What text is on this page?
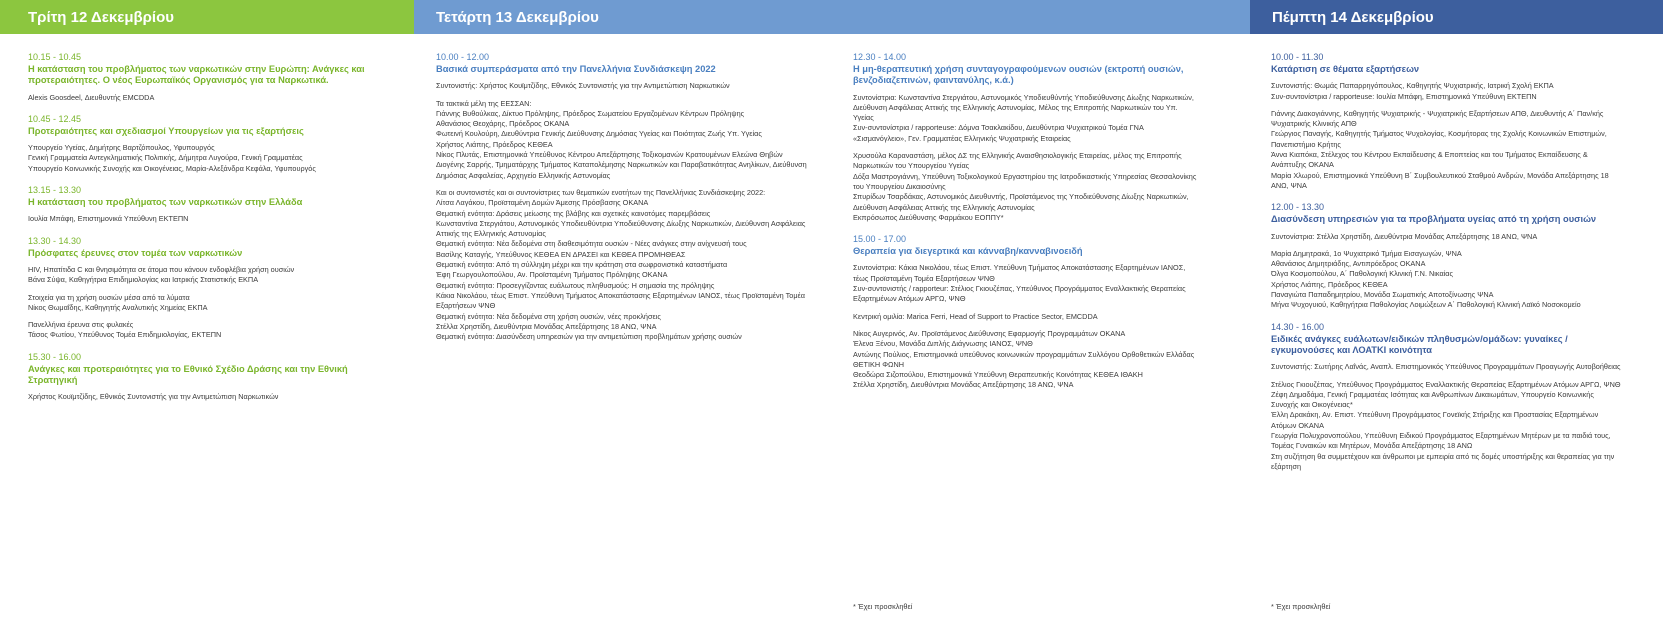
Τρίτη 12 Δεκεμβρίου	Τετάρτη 13 Δεκεμβρίου	Πέμπτη 14 Δεκεμβρίου
10.15 - 10.45
Η κατάσταση του προβλήματος των ναρκωτικών στην Ευρώπη: Ανάγκες και προτεραιότητες. Ο νέος Ευρωπαϊκός Οργανισμός για τα Ναρκωτικά.

Alexis Goosdeel, Διευθυντής EMCDDA

10.45 - 12.45
Προτεραιότητες και σχεδιασμοί Υπουργείων για τις εξαρτήσεις

Υπουργείο Υγείας, Δημήτρης Βαρτζόπουλος, Υφυπουργός

Γενική Γραμματεία Αντεγκληματικής Πολιτικής, Δήμητρα Λυγούρα, Γενική Γραμματέας

Υπουργείο Κοινωνικής Συνοχής και Οικογένειας, Μαρία-Αλεξάνδρα Κεφάλα, Υφυπουργός

13.15 - 13.30
Η κατάσταση του προβλήματος των ναρκωτικών στην Ελλάδα

Ιουλία Μπάφη, Επιστημονικά Υπεύθυνη ΕΚΤΕΠΝ

13.30 - 14.30
Πρόσφατες έρευνες στον τομέα των ναρκωτικών

HIV, Ηπατίτιδα C και θνησιμότητα σε άτομα που κάνουν ενδοφλέβια χρήση ουσιών

Βάνα Σύψα, Καθηγήτρια Επιδημιολογίας και Ιατρικής Στατιστικής ΕΚΠΑ

Στοιχεία για τη χρήση ουσιών μέσα από τα λύματα

Νίκος Θωμαΐδης, Καθηγητής Αναλυτικής Χημείας ΕΚΠΑ

Πανελλήνια έρευνα στις φυλακές

Τάσος Φωτίου, Υπεύθυνος Τομέα Επιδημιολογίας, ΕΚΤΕΠΝ

15.30 - 16.00
Ανάγκες και προτεραιότητες για το Εθνικό Σχέδιο Δράσης και την Εθνική Στρατηγική

Χρήστος Κουϊμτζίδης, Εθνικός Συντονιστής για την Αντιμετώπιση Ναρκωτικών

10.00 - 12.00
Βασικά συμπεράσματα από την Πανελλήνια Συνδιάσκεψη 2022

Συντονιστής: Χρήστος Κουϊμτζίδης, Εθνικός Συντονιστής για την Αντιμετώπιση Ναρκωτικών

Τα τακτικά μέλη της ΕΕΣΣΑΝ:

Γιάννης Βυθούλκας, Δίκτυο Πρόληψης, Πρόεδρος Σωματείου Εργαζομένων Κέντρων Πρόληψης

Αθανάσιος Θεοχάρης, Πρόεδρος ΟΚΑΝΑ

Φωτεινή Κουλούρη, Διευθύντρια Γενικής Διεύθυνσης Δημόσιας Υγείας και Ποιότητας Ζωής Υπ. Υγείας

Χρήστος Λιάπης, Πρόεδρος ΚΕΘΕΑ

Νίκος Πλυτάς, Επιστημονικά Υπεύθυνος Κέντρου Απεξάρτησης Τοξικομανών Κρατουμένων Ελεώνα Θηβών

Διογένης Σαρρής, Τμηματάρχης Τμήματος Καταπολέμησης Ναρκωτικών και Παραβατικότητας Ανηλίκων, Διεύθυνση Δημόσιας Ασφαλείας, Αρχηγείο Ελληνικής Αστυνομίας

Και οι συντονιστές και οι συντονίστριες των θεματικών ενοτήτων της Πανελλήνιας Συνδιάσκεψης 2022:

Λίτσα Λαγάκου, Προϊσταμένη Δομών Άμεσης Πρόσβασης ΟΚΑΝΑ

Θεματική ενότητα: Δράσεις μείωσης της βλάβης και σχετικές καινοτόμες παρεμβάσεις

Κωνσταντίνα Στεργιάτου, Αστυνομικός Υποδιευθύντρια Υποδιεύθυνσης Δίωξης Ναρκωτικών, Διεύθυνση Ασφάλειας Αττικής της Ελληνικής Αστυνομίας

Θεματική ενότητα: Νέα δεδομένα στη διαθεσιμότητα ουσιών - Νέες ανάγκες στην ανίχνευσή τους

Βασίλης Καταγής, Υπεύθυνος ΚΕΘΕΑ ΕΝ ΔΡΑΣΕΙ και ΚΕΘΕΑ ΠΡΟΜΗΘΕΑΣ

Θεματική ενότητα: Από τη σύλληψη μέχρι και την κράτηση στα σωφρονιστικά καταστήματα

Έφη Γεωργουλοπούλου, Αν. Προϊσταμένη Τμήματος Πρόληψης ΟΚΑΝΑ

Θεματική ενότητα: Προσεγγίζοντας ευάλωτους πληθυσμούς: Η σημασία της πρόληψης

Κάκια Νικολάου, τέως Επιστ. Υπεύθυνη Τμήματος Αποκατάστασης Εξαρτημένων ΙΑΝΟΣ, τέως Προϊσταμένη Τομέα Εξαρτήσεων ΨΝΘ

Θεματική ενότητα: Νέα δεδομένα στη χρήση ουσιών, νέες προκλήσεις

Στέλλα Χρηστίδη, Διευθύντρια Μονάδας Απεξάρτησης 18 ΑΝΩ, ΨΝΑ

Θεματική ενότητα: Διασύνδεση υπηρεσιών για την αντιμετώπιση προβλημάτων χρήσης ουσιών

12.30 - 14.00
Η μη-θεραπευτική χρήση συνταγογραφούμενων ουσιών (εκτροπή ουσιών, βενζοδιαζεπινών, φαιντανύλης, κ.ά.)

Συντονίστρια: Κωνσταντίνα Στεργιάτου, Αστυνομικός Υποδιευθύντής Υποδιεύθυνσης Δίωξης Ναρκωτικών, Διεύθυνση Ασφάλειας Αττικής της Ελληνικής Αστυνομίας, Μέλος της Επιτροπής Ναρκωτικών του Υπ. Υγείας

Συν-συντονίστρια / rapporteuse: Δόμνα Τσακλακίδου, Διευθύντρια Ψυχιατρικού Τομέα ΓΝΑ «Σισμανόγλειο», Γεν. Γραμματέας Ελληνικής Ψυχιατρικής Εταιρείας

Χρυσούλα Καραναστάση, μέλος ΔΣ της Ελληνικής Αναισθησιολογικής Εταιρείας, μέλος της Επιτροπής Ναρκωτικών του Υπουργείου Υγείας

Δόξα Μαστρογιάννη, Υπεύθυνη Τοξικολογικού Εργαστηρίου της Ιατροδικαστικής Υπηρεσίας Θεσσαλονίκης του Υπουργείου Δικαιοσύνης

Σπυρίδων Τσαρδάκας, Αστυνομικός Διευθυντής, Προϊστάμενος της Υποδιεύθυνσης Δίωξης Ναρκωτικών, Διεύθυνση Ασφάλειας Αττικής της Ελληνικής Αστυνομίας

Εκπρόσωπος Διεύθυνσης Φαρμάκου ΕΟΠΠΥ*

15.00 - 17.00
Θεραπεία για διεγερτικά και κάνναβη/κανναβινοειδή

Συντονίστρια: Κάκια Νικολάου, τέως Επιστ. Υπεύθυνη Τμήματος Αποκατάστασης Εξαρτημένων ΙΑΝΟΣ, τέως Προϊσταμένη Τομέα Εξαρτήσεων ΨΝΘ

Συν-συντονιστής / rapporteur: Στέλιος Γκιουζέπας, Υπεύθυνος Προγράμματος Εναλλακτικής Θεραπείας Εξαρτημένων Ατόμων ΑΡΓΩ, ΨΝΘ

Κεντρική ομιλία: Marica Ferri, Head of Support to Practice Sector, EMCDDA

Νίκος Αυγερινός, Αν. Προϊστάμενος Διεύθυνσης Εφαρμογής Προγραμμάτων ΟΚΑΝΑ

Έλενα Ξένου, Μονάδα Διπλής Διάγνωσης ΙΑΝΟΣ, ΨΝΘ

Αντώνης Πούλιος, Επιστημονικά υπεύθυνος κοινωνικών προγραμμάτων Συλλόγου Ορθοθετικών Ελλάδας ΘΕΤΙΚΗ ΦΩΝΗ

Θεοδώρα Σιζοπούλου, Επιστημονικά Υπεύθυνη Θεραπευτικής Κοινότητας ΚΕΘΕΑ ΙΘΑΚΗ

Στέλλα Χρηστίδη, Διευθύντρια Μονάδας Απεξάρτησης 18 ΑΝΩ, ΨΝΑ

10.00 - 11.30
Κατάρτιση σε θέματα εξαρτήσεων

Συντονιστής: Θωμάς Παπαρρηγόπουλος, Καθηγητής Ψυχιατρικής, Ιατρική Σχολή ΕΚΠΑ

Συν-συντονίστρια / rapporteuse: Ιουλία Μπάφη, Επιστημονικά Υπεύθυνη ΕΚΤΕΠΝ

Γιάννης Διακογιάννης, Καθηγητής Ψυχιατρικής - Ψυχιατρικής Εξαρτήσεων ΑΠΘ, Διευθυντής Α΄ Παν/κής Ψυχιατρικής Κλινικής ΑΠΘ

Γεώργιος Παναγής, Καθηγητής Τμήματος Ψυχολογίας, Κοσμήτορας της Σχολής Κοινωνικών Επιστημών, Πανεπιστήμιο Κρήτης

Άννα Κιαπόκα, Στέλεχος του Κέντρου Εκπαίδευσης & Εποπτείας και του Τμήματος Εκπαίδευσης & Ανάπτυξης ΟΚΑΝΑ

Μαρία Χλωρού, Επιστημονικά Υπεύθυνη Β΄ Συμβουλευτικού Σταθμού Ανδρών, Μονάδα Απεξάρτησης 18 ΑΝΩ, ΨΝΑ

12.00 - 13.30
Διασύνδεση υπηρεσιών για τα προβλήματα υγείας από τη χρήση ουσιών

Συντονίστρια: Στέλλα Χρηστίδη, Διευθύντρια Μονάδας Απεξάρτησης 18 ΑΝΩ, ΨΝΑ

Μαρία Δημητρακά, 1ο Ψυχιατρικό Τμήμα Εισαγωγών, ΨΝΑ

Αθανάσιος Δημητριάδης, Αντιπρόεδρος ΟΚΑΝΑ

Όλγα Κοσμοπούλου, Α΄ Παθολογική Κλινική Γ.Ν. Νικαίας

Χρήστος Λιάπης, Πρόεδρος ΚΕΘΕΑ

Παναγιώτα Παπαδημητρίου, Μονάδα Σωματικής Αποτοξίνωσης ΨΝΑ

Μήνα Ψυχογυιού, Καθηγήτρια Παθολογίας Λοιμώξεων Α΄ Παθολογική Κλινική Λαϊκό Νοσοκομείο

14.30 - 16.00
Ειδικές ανάγκες ευάλωτων/ειδικών πληθυσμών/ομάδων: γυναίκες / εγκυμονούσες και ΛΟΑΤΚΙ κοινότητα

Συντονιστής: Σωτήρης Λαΐνάς, Αναπλ. Επιστημονικός Υπεύθυνος Προγραμμάτων Προαγωγής Αυτοβοήθειας

Στέλιος Γκιουζέπας, Υπεύθυνος Προγράμματος Εναλλακτικής Θεραπείας Εξαρτημένων Ατόμων ΑΡΓΩ, ΨΝΘ

Ζέφη Δημαδάμα, Γενική Γραμματέας Ισότητας και Ανθρωπίνων Δικαιωμάτων, Υπουργείο Κοινωνικής Συνοχής και Οικογένειας*

Έλλη Δρακάκη, Αν. Επιστ. Υπεύθυνη Προγράμματος Γονεϊκής Στήριξης και Προστασίας Εξαρτημένων Ατόμων ΟΚΑΝΑ

Γεωργία Πολυχρονοπούλου, Υπεύθυνη Ειδικού Προγράμματος Εξαρτημένων Μητέρων με τα παιδιά τους, Τομέας Γυναικών και Μητέρων, Μονάδα Απεξάρτησης 18 ΑΝΩ

Στη συζήτηση θα συμμετέχουν και άνθρωποι με εμπειρία από τις δομές υποστήριξης και θεραπείας για την εξάρτηση

* Έχει προσκληθεί	* Έχει προσκληθεί
